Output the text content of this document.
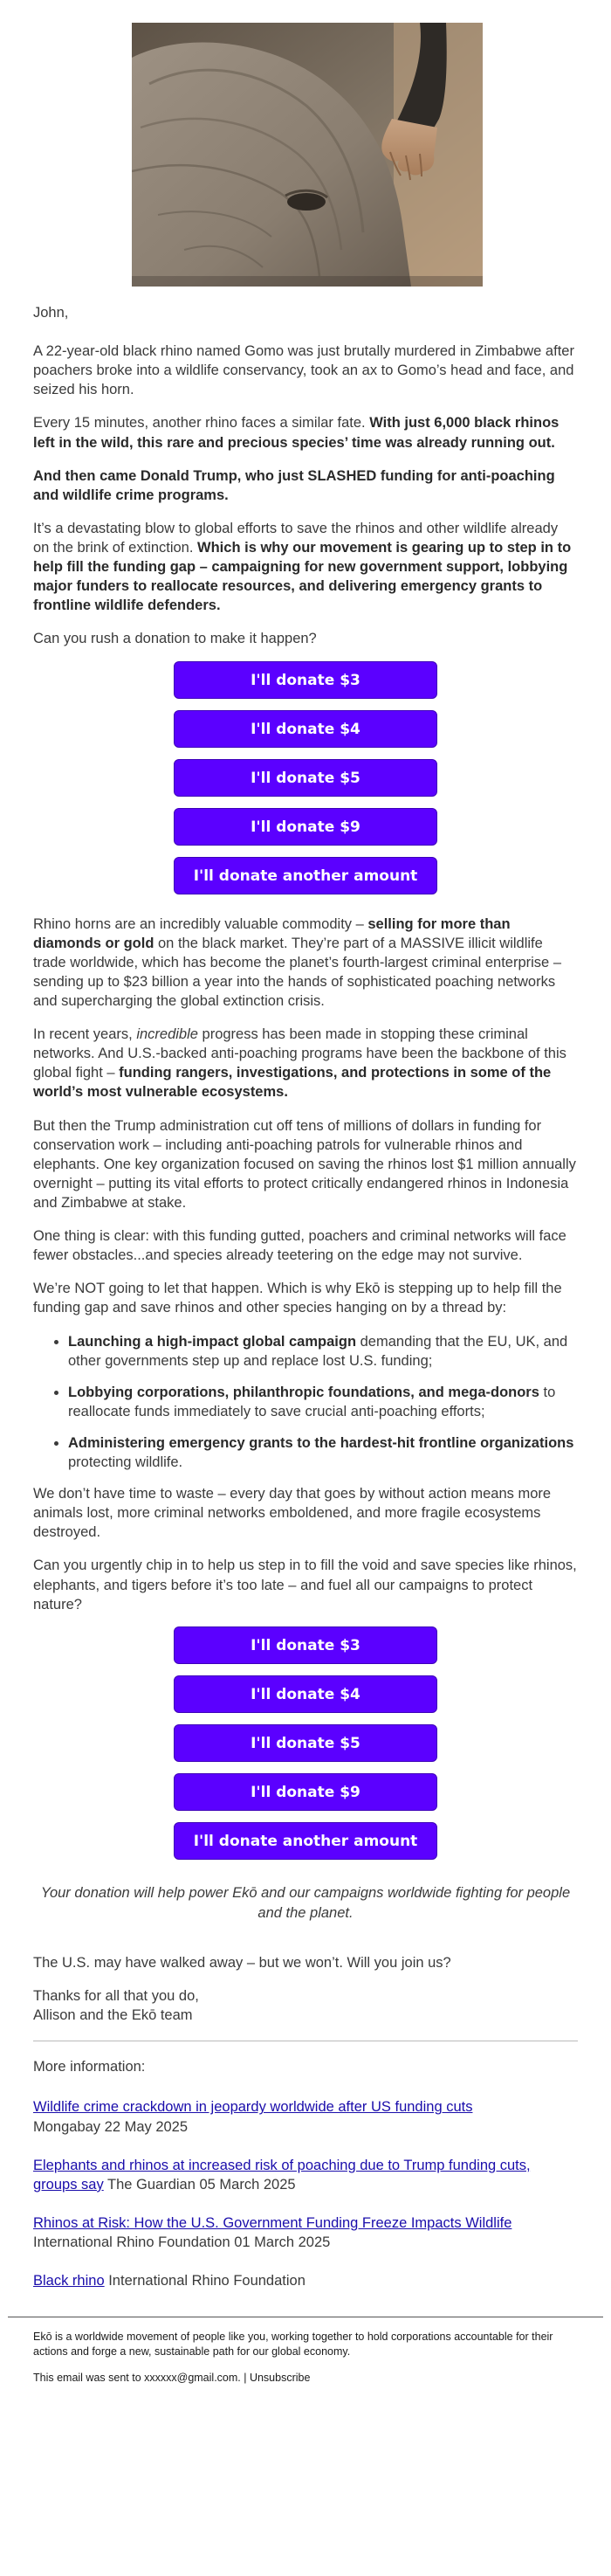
John,

A 22-year-old black rhino named Gomo was just brutally murdered in Zimbabwe after poachers broke into a wildlife conservancy, took an ax to Gomo’s head and face, and seized his horn.

Every 15 minutes, another rhino faces a similar fate. With just 6,000 black rhinos left in the wild, this rare and precious species’ time was already running out.

And then came Donald Trump, who just SLASHED funding for anti-poaching and wildlife crime programs.

It’s a devastating blow to global efforts to save the rhinos and other wildlife already on the brink of extinction. Which is why our movement is gearing up to step in to help fill the funding gap – campaigning for new government support, lobbying major funders to reallocate resources, and delivering emergency grants to frontline wildlife defenders.

Can you rush a donation to make it happen?

I'll donate $3
I'll donate $4
I'll donate $5
I'll donate $9
I'll donate another amount

Rhino horns are an incredibly valuable commodity – selling for more than diamonds or gold on the black market. They’re part of a MASSIVE illicit wildlife trade worldwide, which has become the planet’s fourth-largest criminal enterprise – sending up to $23 billion a year into the hands of sophisticated poaching networks and supercharging the global extinction crisis.

In recent years, incredible progress has been made in stopping these criminal networks. And U.S.-backed anti-poaching programs have been the backbone of this global fight – funding rangers, investigations, and protections in some of the world’s most vulnerable ecosystems.

But then the Trump administration cut off tens of millions of dollars in funding for conservation work – including anti-poaching patrols for vulnerable rhinos and elephants. One key organization focused on saving the rhinos lost $1 million annually overnight – putting its vital efforts to protect critically endangered rhinos in Indonesia and Zimbabwe at stake.

One thing is clear: with this funding gutted, poachers and criminal networks will face fewer obstacles...and species already teetering on the edge may not survive.

We’re NOT going to let that happen. Which is why Ekō is stepping up to help fill the funding gap and save rhinos and other species hanging on by a thread by:

• Launching a high-impact global campaign demanding that the EU, UK, and other governments step up and replace lost U.S. funding;
• Lobbying corporations, philanthropic foundations, and mega-donors to reallocate funds immediately to save crucial anti-poaching efforts;
• Administering emergency grants to the hardest-hit frontline organizations protecting wildlife.

We don’t have time to waste – every day that goes by without action means more animals lost, more criminal networks emboldened, and more fragile ecosystems destroyed.

Can you urgently chip in to help us step in to fill the void and save species like rhinos, elephants, and tigers before it’s too late – and fuel all our campaigns to protect nature?

I'll donate $3
I'll donate $4
I'll donate $5
I'll donate $9
I'll donate another amount

Your donation will help power Ekō and our campaigns worldwide fighting for people and the planet.

The U.S. may have walked away – but we won’t. Will you join us?

Thanks for all that you do,
Allison and the Ekō team

More information:

Wildlife crime crackdown in jeopardy worldwide after US funding cuts
Mongabay 22 May 2025

Elephants and rhinos at increased risk of poaching due to Trump funding cuts, groups say The Guardian 05 March 2025

Rhinos at Risk: How the U.S. Government Funding Freeze Impacts Wildlife
International Rhino Foundation 01 March 2025

Black rhino International Rhino Foundation

Ekō is a worldwide movement of people like you, working together to hold corporations accountable for their actions and forge a new, sustainable path for our global economy.

This email was sent to xxxxxx@gmail.com. | Unsubscribe
